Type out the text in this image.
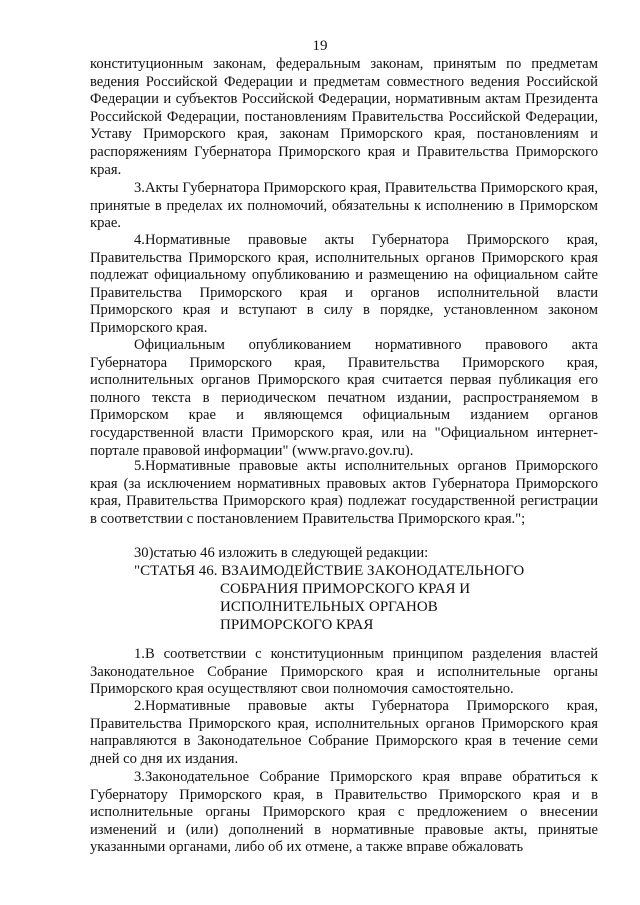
19
конституционным законам, федеральным законам, принятым по предметам ведения Российской Федерации и предметам совместного ведения Российской Федерации и субъектов Российской Федерации, нормативным актам Президента Российской Федерации, постановлениям Правительства Российской Федерации, Уставу Приморского края, законам Приморского края, постановлениям и распоряжениям Губернатора Приморского края и Правительства Приморского края.
3.Акты Губернатора Приморского края, Правительства Приморского края, принятые в пределах их полномочий, обязательны к исполнению в Приморском крае.
4.Нормативные правовые акты Губернатора Приморского края, Правительства Приморского края, исполнительных органов Приморского края подлежат официальному опубликованию и размещению на официальном сайте Правительства Приморского края и органов исполнительной власти Приморского края и вступают в силу в порядке, установленном законом Приморского края.
Официальным опубликованием нормативного правового акта Губернатора Приморского края, Правительства Приморского края, исполнительных органов Приморского края считается первая публикация его полного текста в периодическом печатном издании, распространяемом в Приморском крае и являющемся официальным изданием органов государственной власти Приморского края, или на "Официальном интернет-портале правовой информации" (www.pravo.gov.ru).
5.Нормативные правовые акты исполнительных органов Приморского края (за исключением нормативных правовых актов Губернатора Приморского края, Правительства Приморского края) подлежат государственной регистрации в соответствии с постановлением Правительства Приморского края.";
30)статью 46 изложить в следующей редакции:
"СТАТЬЯ 46. ВЗАИМОДЕЙСТВИЕ ЗАКОНОДАТЕЛЬНОГО
СОБРАНИЯ ПРИМОРСКОГО КРАЯ И
ИСПОЛНИТЕЛЬНЫХ ОРГАНОВ
ПРИМОРСКОГО КРАЯ
1.В соответствии с конституционным принципом разделения властей Законодательное Собрание Приморского края и исполнительные органы Приморского края осуществляют свои полномочия самостоятельно.
2.Нормативные правовые акты Губернатора Приморского края, Правительства Приморского края, исполнительных органов Приморского края направляются в Законодательное Собрание Приморского края в течение семи дней со дня их издания.
3.Законодательное Собрание Приморского края вправе обратиться к Губернатору Приморского края, в Правительство Приморского края и в исполнительные органы Приморского края с предложением о внесении изменений и (или) дополнений в нормативные правовые акты, принятые указанными органами, либо об их отмене, а также вправе обжаловать
